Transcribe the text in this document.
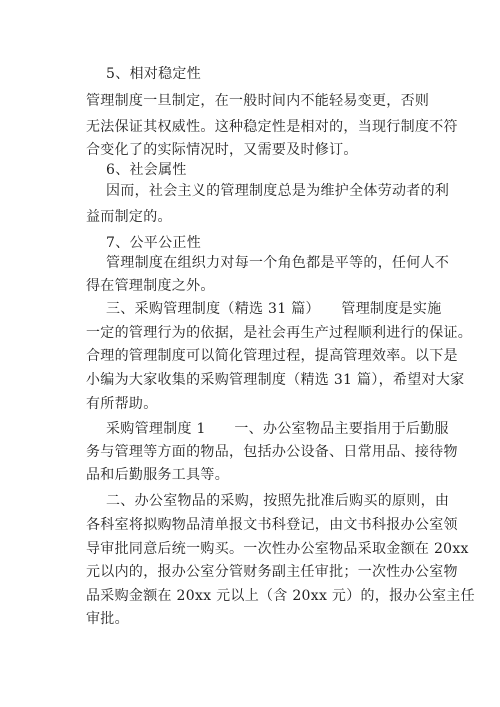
5、相对稳定性
管理制度一旦制定，在一般时间内不能轻易变更，否则
无法保证其权威性。这种稳定性是相对的，当现行制度不符
合变化了的实际情况时，又需要及时修订。
6、社会属性
因而，社会主义的管理制度总是为维护全体劳动者的利
益而制定的。
7、公平公正性
管理制度在组织力对每一个角色都是平等的，任何人不
得在管理制度之外。
三、采购管理制度（精选 31 篇）　　管理制度是实施
一定的管理行为的依据，是社会再生产过程顺利进行的保证。
合理的管理制度可以简化管理过程，提高管理效率。以下是
小编为大家收集的采购管理制度（精选 31 篇），希望对大家
有所帮助。
采购管理制度 1　　一、办公室物品主要指用于后勤服
务与管理等方面的物品，包括办公设备、日常用品、接待物
品和后勤服务工具等。
二、办公室物品的采购，按照先批准后购买的原则，由
各科室将拟购物品清单报文书科登记，由文书科报办公室领
导审批同意后统一购买。一次性办公室物品采取金额在 20xx
元以内的，报办公室分管财务副主任审批；一次性办公室物
品采购金额在 20xx 元以上（含 20xx 元）的，报办公室主任
审批。
